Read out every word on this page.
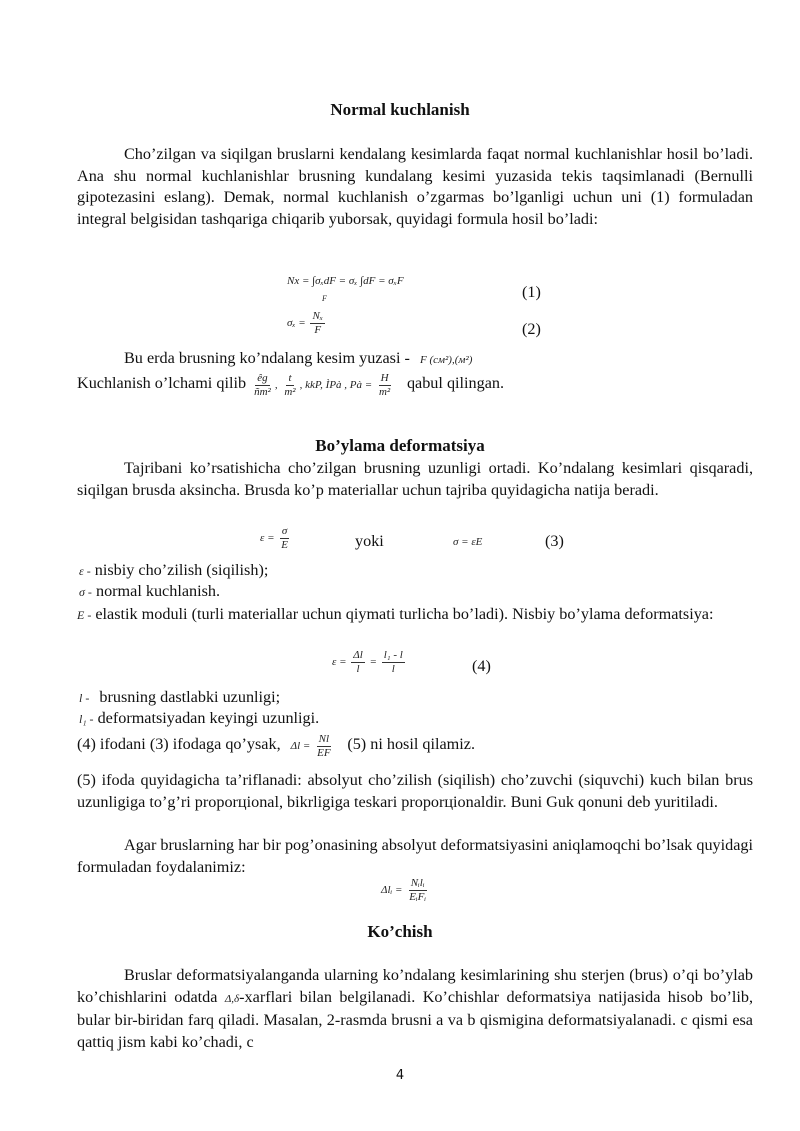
Normal kuchlanish

Cho’zilgan va siqilgan bruslarni kendalang kesimlarda faqat normal kuchlanishlar hosil bo’ladi. Ana shu normal kuchlanishlar brusning kundalang kesimi yuzasida tekis taqsimlanadi (Bernulli gipotezasini eslang). Demak, normal kuchlanish o’zgarmas bo’lganligi uchun uni (1) formuladan integral belgisidan tashqariga chiqarib yuborsak, quyidagi formula hosil bo’ladi:

Nx = ∫σₓdF = σₓ ∫dF = σₓF
F	(1)
$\sigma_x = \frac{\text{Nₓ}}{F}$	(2)
Bu erda brusning ko’ndalang kesim yuzasi - F (см²),(м²)
Kuchlanish o’lchami qilib $\frac{êg}{\text{ñm²}}$ , $\frac{t}{\text{m²}}$ , kkP, ÌPà , Pà = $\frac{H}{\text{m²}}$ qabul qilingan.
Bo’ylama deformatsiya

Tajribani ko’rsatishicha cho’zilgan brusning uzunligi ortadi. Ko’ndalang kesimlari qisqaradi, siqilgan brusda aksincha. Brusda ko’p materiallar uchun tajriba quyidagicha natija beradi.

$\varepsilon = \frac{\sigma}{E}$	yoki	σ = εE	(3)
ε - nisbiy cho’zilish (siqilish);
σ - normal kuchlanish.

E - elastik moduli (turli materiallar uchun qiymati turlicha bo’ladi). Nisbiy bo’ylama deformatsiya:

$\varepsilon = \frac{\Delta l}{l} = \frac{\text{l₁ - l}}{l}$	(4)
l - brusning dastlabki uzunligi;
l₁ - deformatsiyadan keyingi uzunligi.
(4) ifodani (3) ifodaga qo’ysak, $\Delta l = \frac{Nl}{EF} (5)$ ni hosil qilamiz.

(5) ifoda quyidagicha ta’riflanadi: absolyut cho’zilish (siqilish) cho’zuvchi (siquvchi) kuch bilan brus uzunligiga to’g’ri proporцional, bikrligiga teskari proporцionaldir. Buni Guk qonuni deb yuritiladi.

Agar bruslarning har bir pog’onasining absolyut deformatsiyasini aniqlamoqchi bo’lsak quyidagi formuladan foydalanimiz:

Δlᵢ = $\frac{\text{Nᵢlᵢ}}{\text{EᵢFᵢ}}$
Ko’chish

Bruslar deformatsiyalanganda ularning ko’ndalang kesimlarining shu sterjen (brus) o’qi bo’ylab ko’chishlarini odatda Δ,δ-xarflari bilan belgilanadi. Ko’chishlar deformatsiya natijasida hisob bo’lib, bular bir-biridan farq qiladi. Masalan, 2-rasmda brusni a va b qismigina deformatsiyalanadi. c qismi esa qattiq jism kabi ko’chadi, c

4
